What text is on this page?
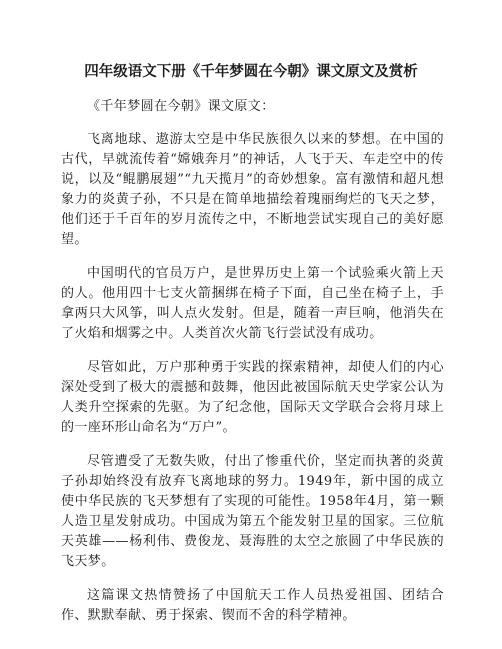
四年级语文下册《千年梦圆在今朝》课文原文及赏析

《千年梦圆在今朝》课文原文：

飞离地球、遨游太空是中华民族很久以来的梦想。在中国的古代，早就流传着“嫦娥奔月”的神话，人飞于天、车走空中的传说，以及“鲲鹏展翅”“九天揽月”的奇妙想象。富有激情和超凡想象力的炎黄子孙，不只是在简单地描绘着瑰丽绚烂的飞天之梦，他们还于千百年的岁月流传之中，不断地尝试实现自己的美好愿望。

中国明代的官员万户，是世界历史上第一个试验乘火箭上天的人。他用四十七支火箭捆绑在椅子下面，自己坐在椅子上，手拿两只大风筝，叫人点火发射。但是，随着一声巨响，他消失在了火焰和烟雾之中。人类首次火箭飞行尝试没有成功。

尽管如此，万户那种勇于实践的探索精神，却使人们的内心深处受到了极大的震撼和鼓舞，他因此被国际航天史学家公认为人类升空探索的先驱。为了纪念他，国际天文学联合会将月球上的一座环形山命名为“万户”。

尽管遭受了无数失败，付出了惨重代价，坚定而执著的炎黄子孙却始终没有放弃飞离地球的努力。1949年，新中国的成立使中华民族的飞天梦想有了实现的可能性。1958年4月，第一颗人造卫星发射成功。中国成为第五个能发射卫星的国家。三位航天英雄——杨利伟、费俊龙、聂海胜的太空之旅圆了中华民族的飞天梦。

这篇课文热情赞扬了中国航天工作人员热爱祖国、团结合作、默默奉献、勇于探索、锲而不舍的科学精神。
